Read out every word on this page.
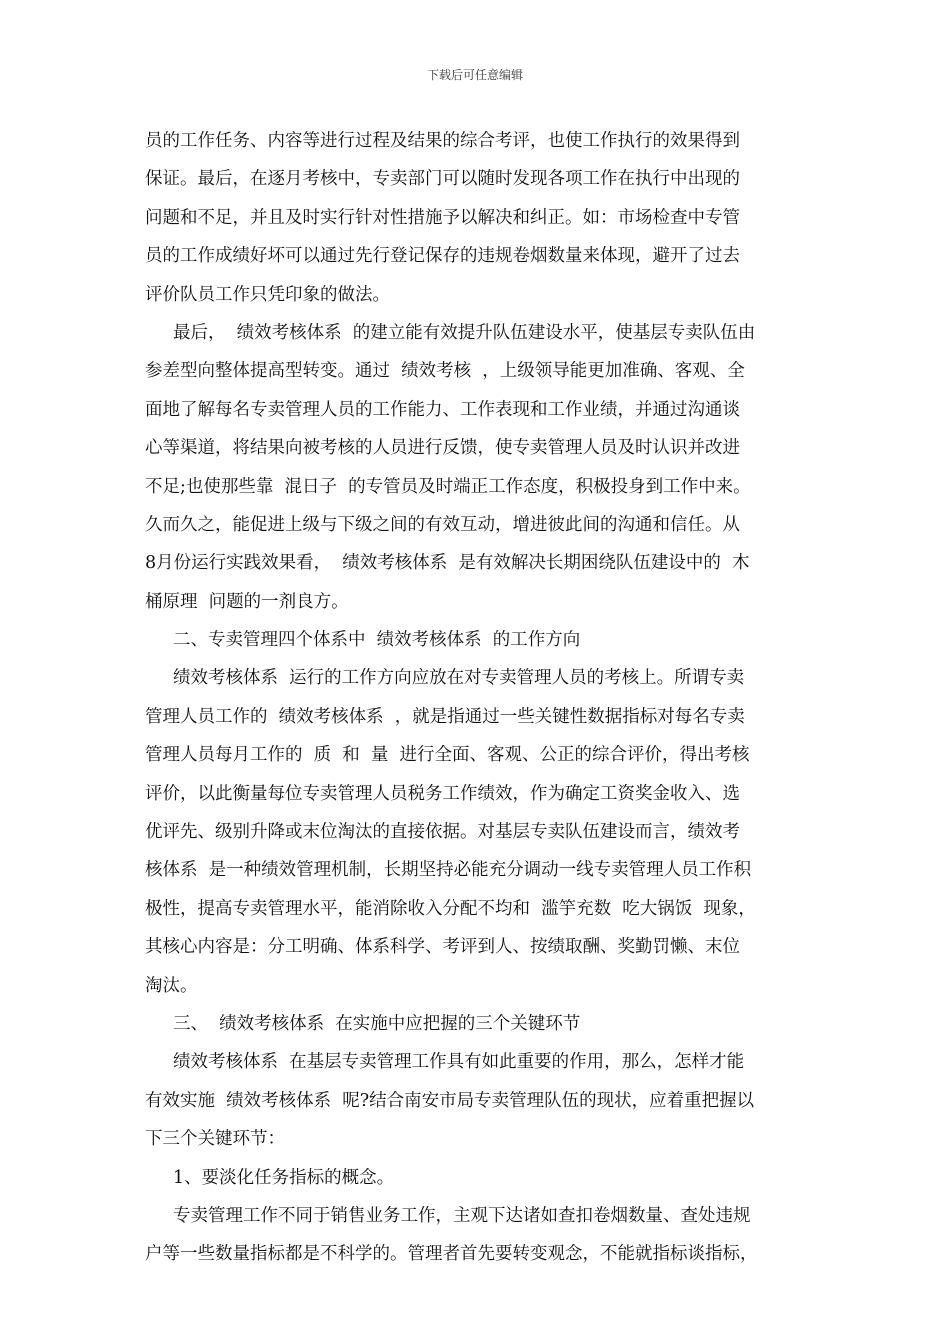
下载后可任意编辑
员的工作任务、内容等进行过程及结果的综合考评，也使工作执行的效果得到
保证。最后，在逐月考核中，专卖部门可以随时发现各项工作在执行中出现的
问题和不足，并且及时实行针对性措施予以解决和纠正。如：市场检查中专管
员的工作成绩好坏可以通过先行登记保存的违规卷烟数量来体现，避开了过去
评价队员工作只凭印象的做法。
最后，  绩效考核体系  的建立能有效提升队伍建设水平，使基层专卖队伍由
参差型向整体提高型转变。通过  绩效考核  ，上级领导能更加准确、客观、全
面地了解每名专卖管理人员的工作能力、工作表现和工作业绩，并通过沟通谈
心等渠道，将结果向被考核的人员进行反馈，使专卖管理人员及时认识并改进
不足;也使那些靠  混日子  的专管员及时端正工作态度，积极投身到工作中来。
久而久之，能促进上级与下级之间的有效互动，增进彼此间的沟通和信任。从
8月份运行实践效果看，  绩效考核体系  是有效解决长期困绕队伍建设中的  木
桶原理  问题的一剂良方。
二、专卖管理四个体系中  绩效考核体系  的工作方向
绩效考核体系  运行的工作方向应放在对专卖管理人员的考核上。所谓专卖
管理人员工作的  绩效考核体系  ，就是指通过一些关键性数据指标对每名专卖
管理人员每月工作的  质  和  量  进行全面、客观、公正的综合评价，得出考核
评价，以此衡量每位专卖管理人员税务工作绩效，作为确定工资奖金收入、选
优评先、级别升降或末位淘汰的直接依据。对基层专卖队伍建设而言，绩效考
核体系  是一种绩效管理机制，长期坚持必能充分调动一线专卖管理人员工作积
极性，提高专卖管理水平，能消除收入分配不均和  滥竽充数  吃大锅饭  现象，
其核心内容是：分工明确、体系科学、考评到人、按绩取酬、奖勤罚懒、末位
淘汰。
三、  绩效考核体系  在实施中应把握的三个关键环节
绩效考核体系  在基层专卖管理工作具有如此重要的作用，那么，怎样才能
有效实施  绩效考核体系  呢?结合南安市局专卖管理队伍的现状，应着重把握以
下三个关键环节：
1、要淡化任务指标的概念。
专卖管理工作不同于销售业务工作，主观下达诸如查扣卷烟数量、查处违规
户等一些数量指标都是不科学的。管理者首先要转变观念，不能就指标谈指标，
